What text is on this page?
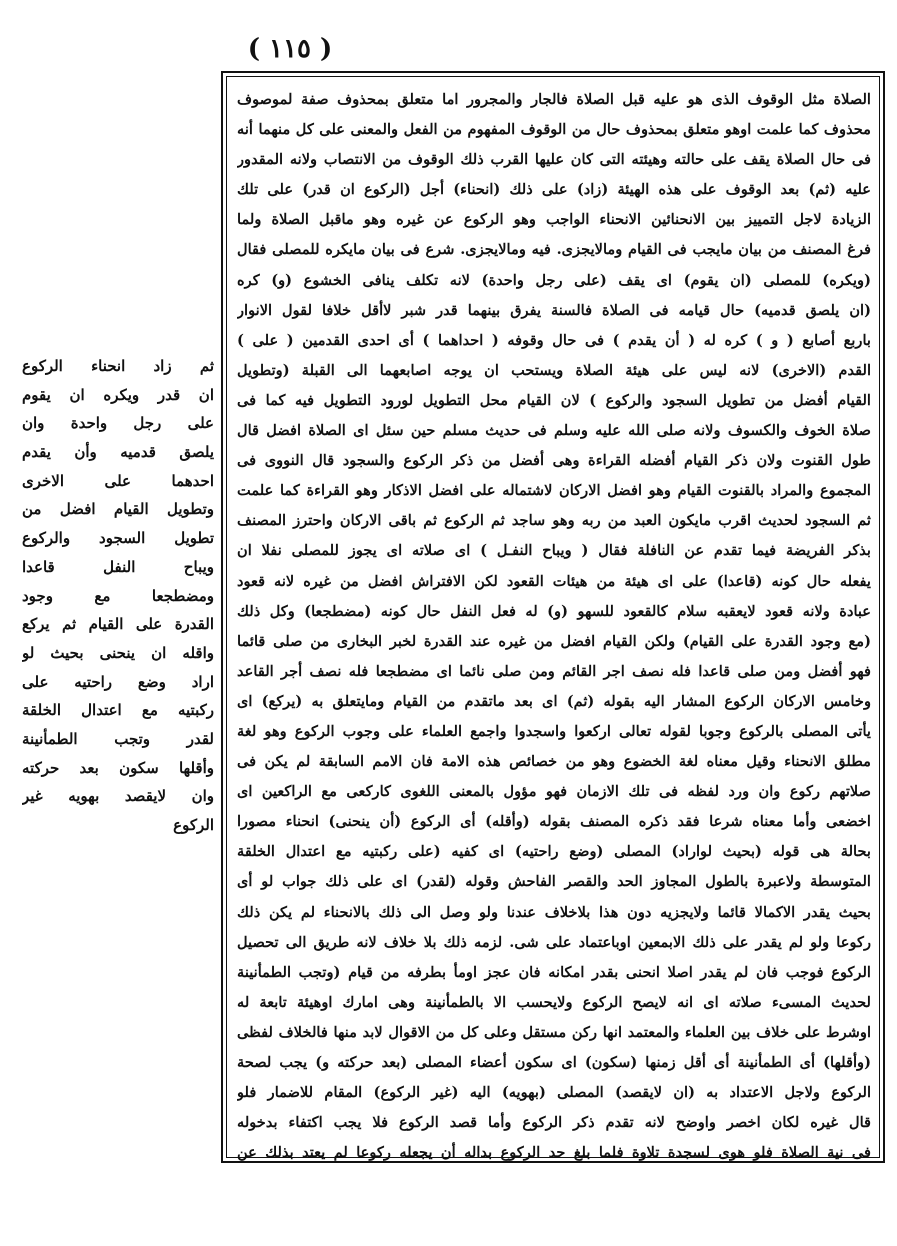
( ١١٥ )
ثم زاد انحناء الركوع
ان قدر ويكره ان يقوم
على رجل واحدة وان
يلصق قدميه وأن يقدم
احدهما على الاخرى
وتطويل القيام افضل من
تطويل السجود والركوع
ويباح النفل قاعدا
ومضطجعا مع وجود
القدرة على القيام ثم يركع
واقله ان ينحنى بحيث لو
اراد وضع راحتيه على
ركبتيه مع اعتدال الخلقة
لقدر وتجب الطمأنينة
وأقلها سكون بعد حركته
وان لايقصد بهويه غير
الركوع
الصلاة مثل الوقوف الذى هو عليه قبل الصلاة فالجار والمجرور اما متعلق بمحذوف صفة لموصوف
محذوف كما علمت اوهو متعلق بمحذوف حال من الوقوف المفهوم من الفعل والمعنى على كل منهما أنه
فى حال الصلاة يقف على حالته وهيئته التى كان عليها القرب ذلك الوقوف من الانتصاب ولانه المقدور
عليه (ثم) بعد الوقوف على هذه الهيئة (زاد) على ذلك (انحناء) أجل (الركوع ان قدر) على تلك
الزيادة لاجل التمييز بين الانحنائين الانحناء الواجب وهو الركوع عن غيره وهو ماقبل الصلاة ولما
فرغ المصنف من بيان مايجب فى القيام ومالايجزى. فيه ومالايجزى. شرع فى بيان مايكره للمصلى فقال
(ويكره) للمصلى (ان يقوم) اى يقف (على رجل واحدة) لانه تكلف ينافى الخشوع (و) كره
(ان يلصق قدميه) حال قيامه فى الصلاة فالسنة يفرق بينهما قدر شبر لاأقل خلافا لقول الانوار
باربع أصابع ( و ) كره له ( أن يقدم ) فى حال وقوفه ( احداهما ) أى احدى القدمين ( على )
القدم (الاخرى) لانه ليس على هيئة الصلاة ويستحب ان يوجه اصابعهما الى القبلة (وتطويل
القيام أفضل من تطويل السجود والركوع ) لان القيام محل التطويل لورود التطويل فيه كما فى
صلاة الخوف والكسوف ولانه صلى الله عليه وسلم فى حديث مسلم حين سئل اى الصلاة افضل قال
طول القنوت ولان ذكر القيام أفضله القراءة وهى أفضل من ذكر الركوع والسجود قال النووى فى
المجموع والمراد بالقنوت القيام وهو افضل الاركان لاشتماله على افضل الاذكار وهو القراءة كما علمت
ثم السجود لحديث اقرب مايكون العبد من ربه وهو ساجد ثم الركوع ثم باقى الاركان واحترز المصنف
بذكر الفريضة فيما تقدم عن النافلة فقال ( ويباح النفـل ) اى صلاته اى يجوز للمصلى نفلا ان
يفعله حال كونه (قاعدا) على اى هيئة من هيئات القعود لكن الافتراش افضل من غيره لانه قعود
عبادة ولانه قعود لايعقبه سلام كالقعود للسهو (و) له فعل النفل حال كونه (مضطجعا) وكل ذلك
(مع وجود القدرة على القيام) ولكن القيام افضل من غيره عند القدرة لخبر البخارى من صلى قائما
فهو أفضل ومن صلى قاعدا فله نصف اجر القائم ومن صلى نائما اى مضطجعا فله نصف أجر القاعد
وخامس الاركان الركوع المشار اليه بقوله (ثم) اى بعد ماتقدم من القيام ومايتعلق به (يركع) اى
يأتى المصلى بالركوع وجوبا لقوله تعالى اركعوا واسجدوا واجمع العلماء على وجوب الركوع وهو لغة
مطلق الانحناء وقيل معناه لغة الخضوع وهو من خصائص هذه الامة فان الامم السابقة لم يكن فى
صلاتهم ركوع وان ورد لفظه فى تلك الازمان فهو مؤول بالمعنى اللغوى كاركعى مع الراكعين اى
اخضعى وأما معناه شرعا فقد ذكره المصنف بقوله (وأقله) أى الركوع (أن ينحنى) انحناء مصورا
بحالة هى قوله (بحيث لواراد) المصلى (وضع راحتيه) اى كفيه (على ركبتيه مع اعتدال الخلقة
المتوسطة ولاعبرة بالطول المجاوز الحد والقصر الفاحش وقوله (لقدر) اى على ذلك جواب لو أى
بحيث يقدر الاكمالا قائما ولايجزيه دون هذا بلاخلاف عندنا ولو وصل الى ذلك بالانحناء لم يكن ذلك
ركوعا ولو لم يقدر على ذلك الابمعين اوباعتماد على شى. لزمه ذلك بلا خلاف لانه طريق الى تحصيل
الركوع فوجب فان لم يقدر اصلا انحنى بقدر امكانه فان عجز اومأ بطرفه من قيام (وتجب الطمأنينة
لحديث المسىء صلاته اى انه لايصح الركوع ولايحسب الا بالطمأنينة وهى امارك اوهيئة تابعة له
اوشرط على خلاف بين العلماء والمعتمد انها ركن مستقل وعلى كل من الاقوال لابد منها فالخلاف لفظى
(وأقلها) أى الطمأنينة أى أقل زمنها (سكون) اى سكون أعضاء المصلى (بعد حركته و) يجب لصحة
الركوع ولاجل الاعتداد به (ان لايقصد) المصلى (بهويه) اليه (غير الركوع) المقام للاضمار فلو
قال غيره لكان اخصر واوضح لانه تقدم ذكر الركوع وأما قصد الركوع فلا يجب اكتفاء بدخوله
فى نية الصلاة فلو هوى لسجدة تلاوة فلما بلغ حد الركوع بداله أن يجعله ركوعا لم يعتد بذلك عن
